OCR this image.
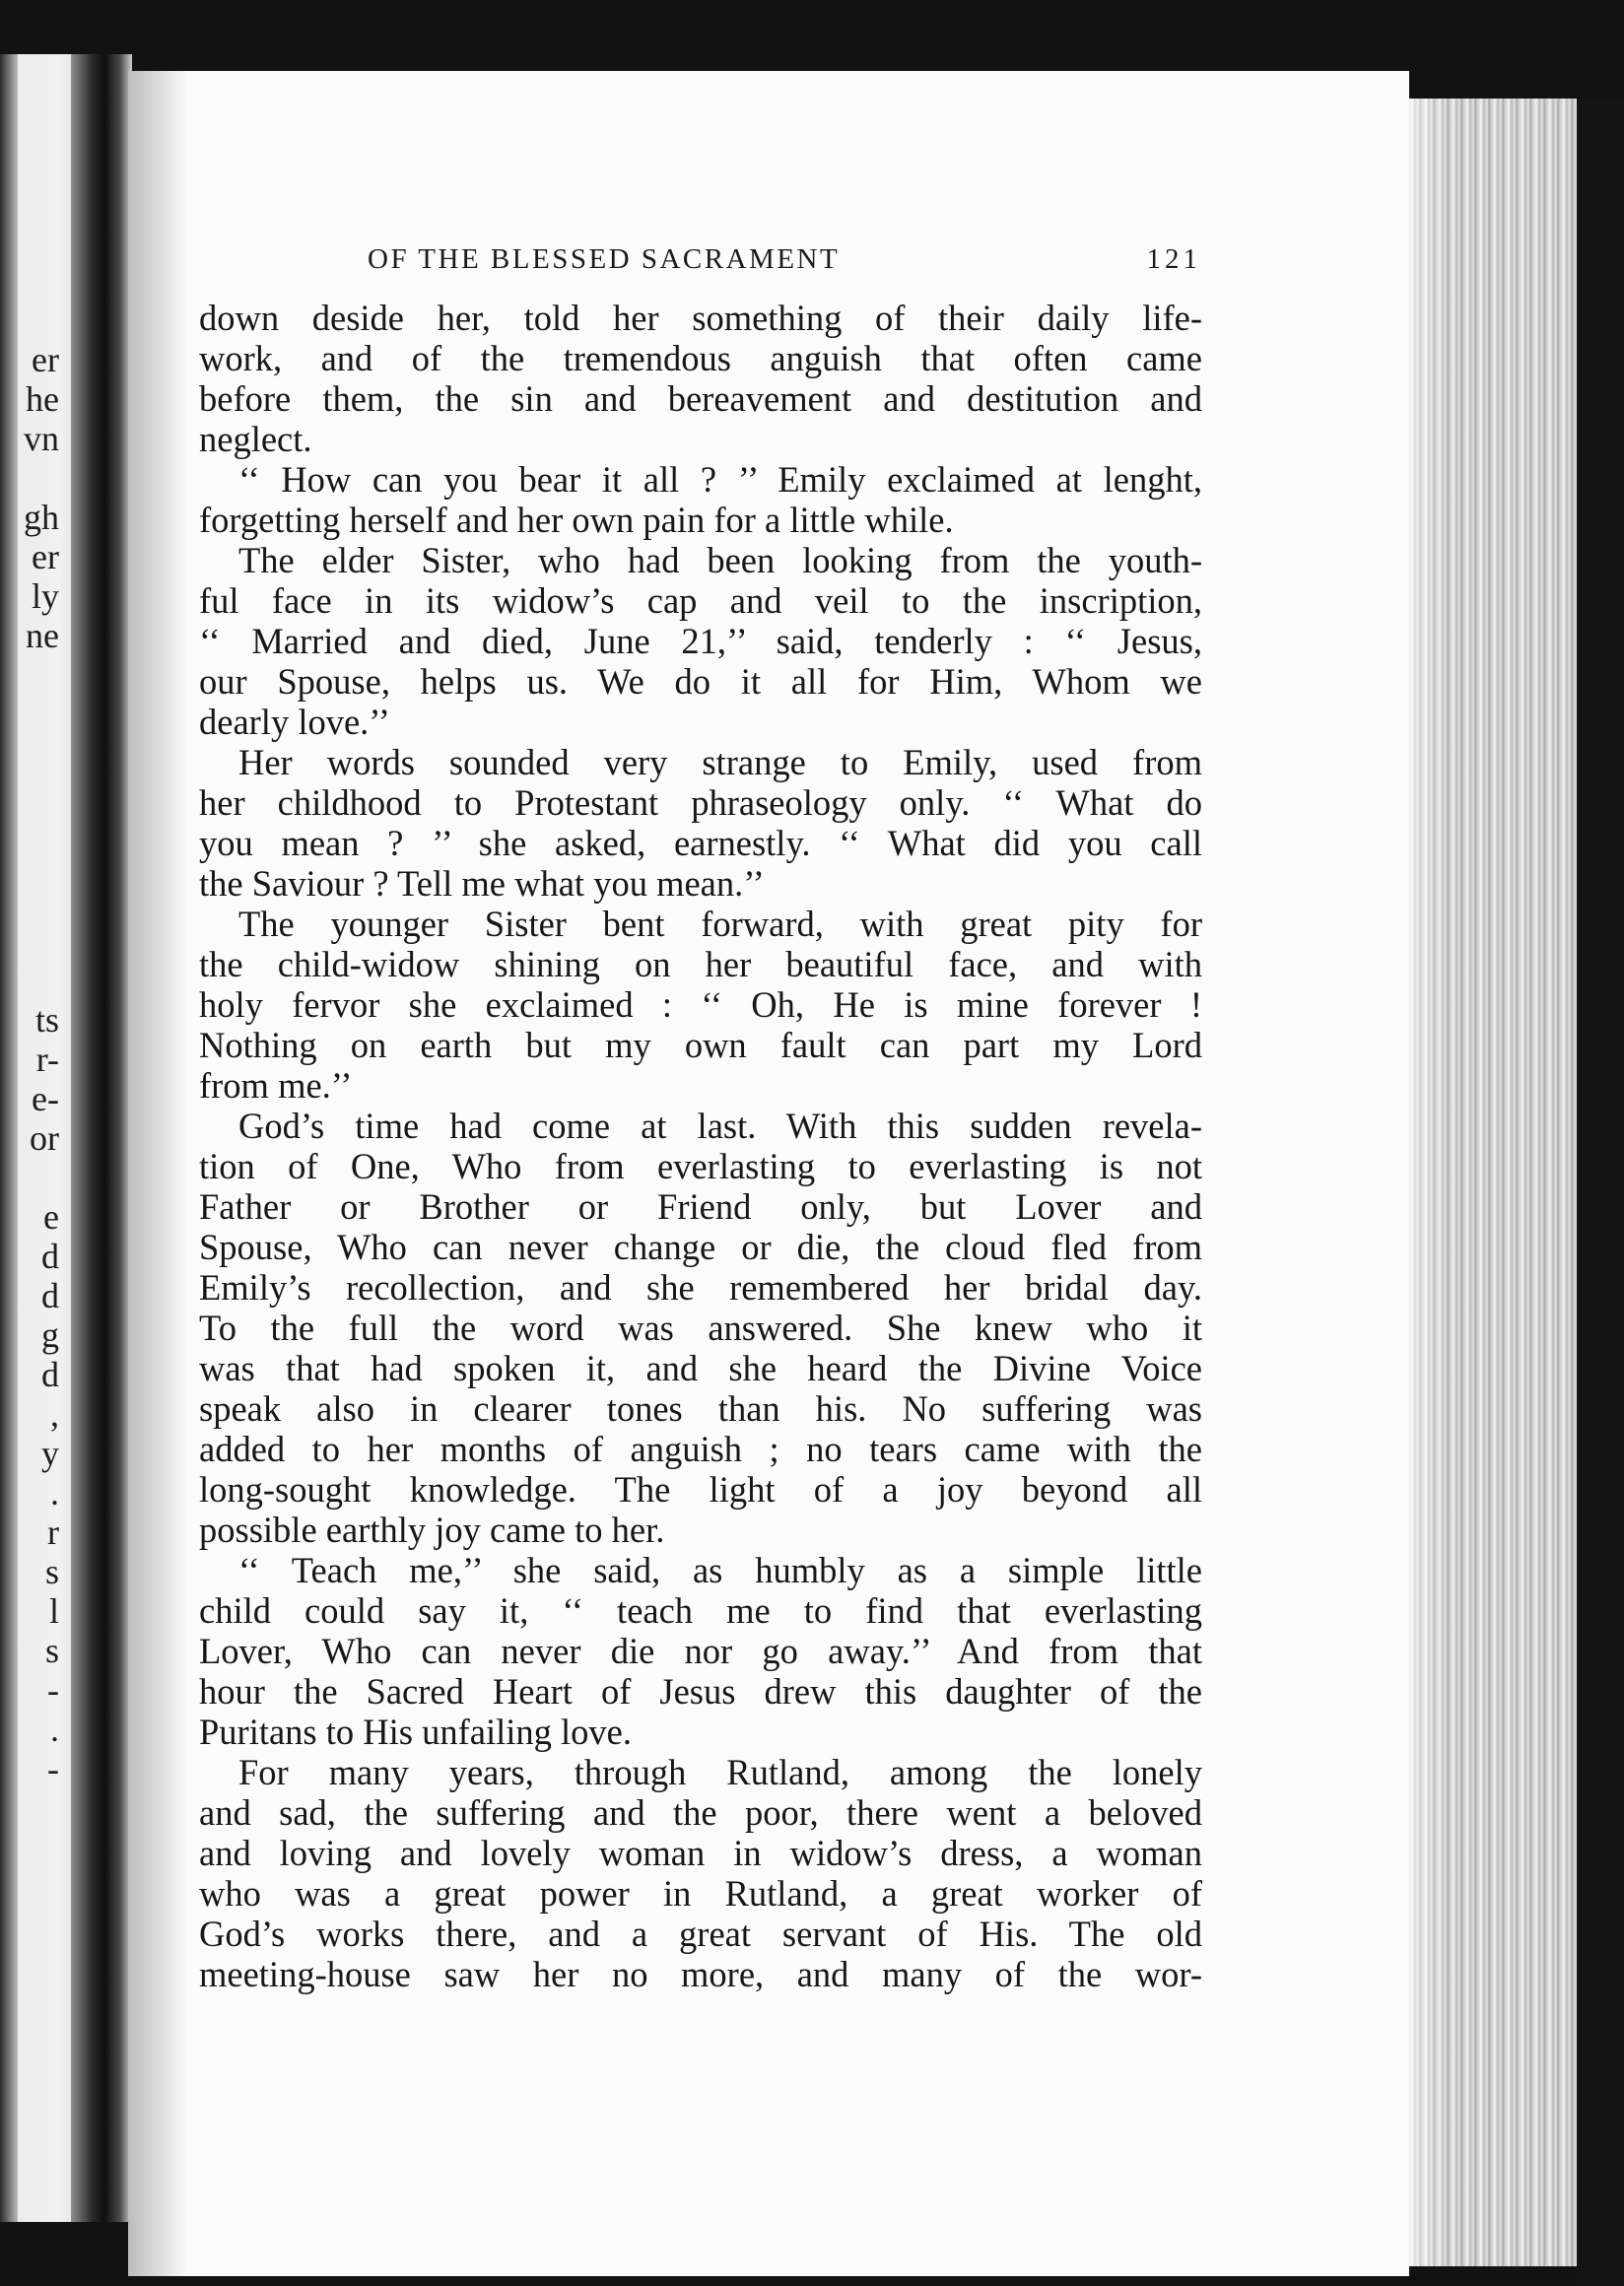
er
he
vn
gh
er
ly
ne
ts
r-
e-
or
e
d
d
g
d
,
y
.
r
s
l
s
-
.
-
OF THE BLESSED SACRAMENT	121
down deside her, told her something of their daily life-
work, and of the tremendous anguish that often came
before them, the sin and bereavement and destitution and
neglect.
‘‘ How can you bear it all ? ’’ Emily exclaimed at lenght,
forgetting herself and her own pain for a little while.
The elder Sister, who had been looking from the youth-
ful face in its widow’s cap and veil to the inscription,
‘‘ Married and died, June 21,’’ said, tenderly : ‘‘ Jesus,
our Spouse, helps us. We do it all for Him, Whom we
dearly love.’’
Her words sounded very strange to Emily, used from
her childhood to Protestant phraseology only. ‘‘ What do
you mean ? ’’ she asked, earnestly. ‘‘ What did you call
the Saviour ? Tell me what you mean.’’
The younger Sister bent forward, with great pity for
the child-widow shining on her beautiful face, and with
holy fervor she exclaimed : ‘‘ Oh, He is mine forever !
Nothing on earth but my own fault can part my Lord
from me.’’
God’s time had come at last. With this sudden revela-
tion of One, Who from everlasting to everlasting is not
Father or Brother or Friend only, but Lover and
Spouse, Who can never change or die, the cloud fled from
Emily’s recollection, and she remembered her bridal day.
To the full the word was answered. She knew who it
was that had spoken it, and she heard the Divine Voice
speak also in clearer tones than his. No suffering was
added to her months of anguish ; no tears came with the
long-sought knowledge. The light of a joy beyond all
possible earthly joy came to her.
‘‘ Teach me,’’ she said, as humbly as a simple little
child could say it, ‘‘ teach me to find that everlasting
Lover, Who can never die nor go away.’’ And from that
hour the Sacred Heart of Jesus drew this daughter of the
Puritans to His unfailing love.
For many years, through Rutland, among the lonely
and sad, the suffering and the poor, there went a beloved
and loving and lovely woman in widow’s dress, a woman
who was a great power in Rutland, a great worker of
God’s works there, and a great servant of His. The old
meeting-house saw her no more, and many of the wor-
